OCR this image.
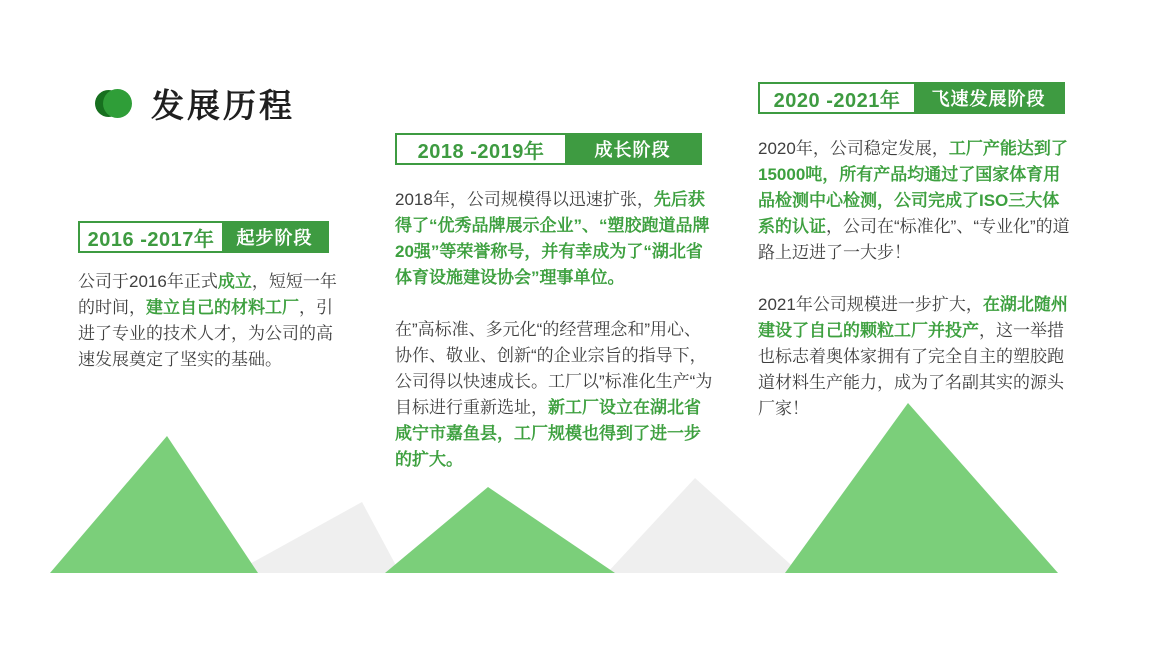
发展历程
2016 -2017年	起步阶段

公司于2016年正式成立，短短一年的时间，建立自己的材料工厂，引进了专业的技术人才，为公司的高速发展奠定了坚实的基础。

2018 -2019年	成长阶段

2018年，公司规模得以迅速扩张，先后获得了“优秀品牌展示企业”、“塑胶跑道品牌20强”等荣誉称号，并有幸成为了“湖北省体育设施建设协会”理事单位。

在”高标准、多元化“的经营理念和”用心、协作、敬业、创新“的企业宗旨的指导下，公司得以快速成长。工厂以”标准化生产“为目标进行重新选址，新工厂设立在湖北省咸宁市嘉鱼县，工厂规模也得到了进一步的扩大。

2020 -2021年	飞速发展阶段

2020年，公司稳定发展，工厂产能达到了15000吨，所有产品均通过了国家体育用品检测中心检测，公司完成了ISO三大体系的认证，公司在“标准化”、“专业化”的道路上迈进了一大步！

2021年公司规模进一步扩大，在湖北随州建设了自己的颗粒工厂并投产，这一举措也标志着奥体家拥有了完全自主的塑胶跑道材料生产能力，成为了名副其实的源头厂家！
